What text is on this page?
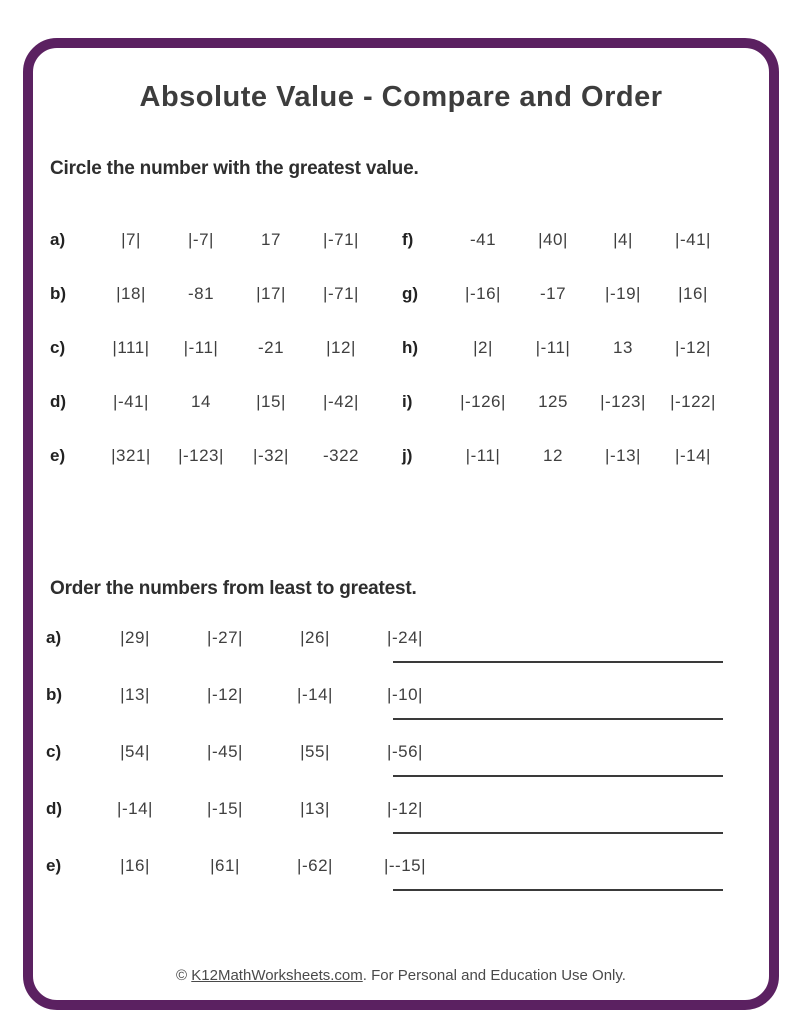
Absolute Value - Compare and Order
Circle the number with the greatest value.
a)	|7|	|-7|	17	|-71|
b)	|18|	-81	|17|	|-71|
c)	|111|	|-11|	-21	|12|
d)	|-41|	14	|15|	|-42|
e)	|321|	|-123|	|-32|	-322
f)	-41	|40|	|4|	|-41|
g)	|-16|	-17	|-19|	|16|
h)	|2|	|-11|	13	|-12|
i)	|-126|	125	|-123|	|-122|
j)	|-11|	12	|-13|	|-14|
Order the numbers from least to greatest.
a)	|29|	|-27|	|26|	|-24|
b)	|13|	|-12|	|-14|	|-10|
c)	|54|	|-45|	|55|	|-56|
d)	|-14|	|-15|	|13|	|-12|
e)	|16|	|61|	|-62|	|--15|
© K12MathWorksheets.com. For Personal and Education Use Only.
